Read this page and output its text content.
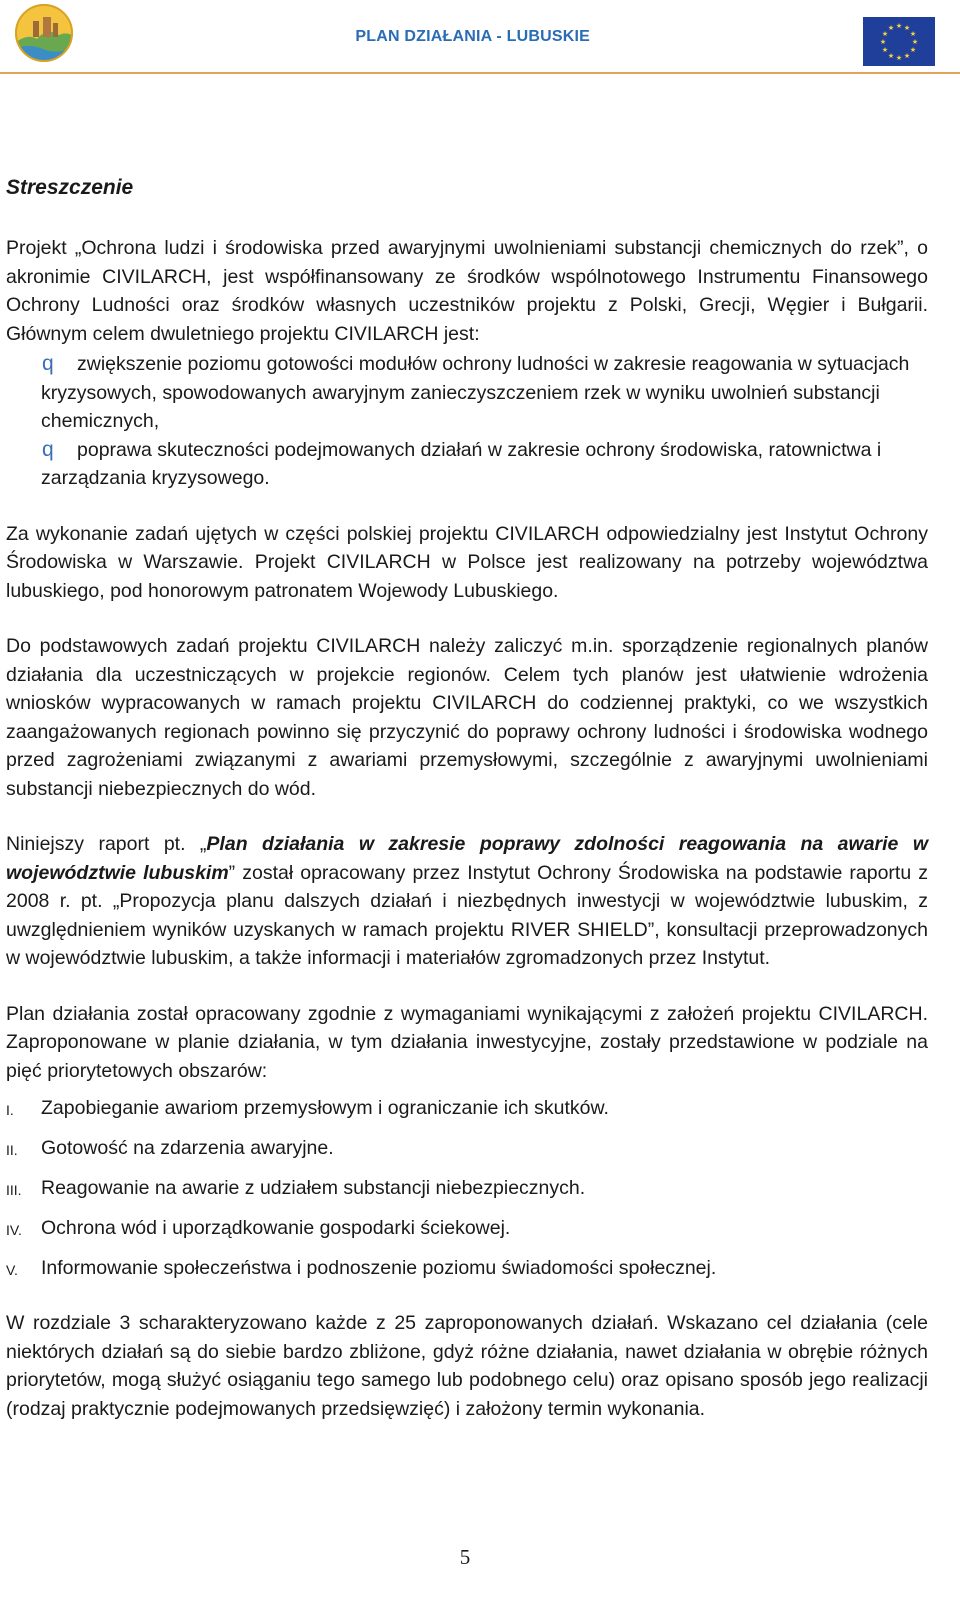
PLAN DZIAŁANIA - LUBUSKIE
★ ★
★
★
★
★
★
★
★
★
★
★
Streszczenie

Projekt „Ochrona ludzi i środowiska przed awaryjnymi uwolnieniami substancji chemicznych do rzek”, o akronimie CIVILARCH, jest współfinansowany ze środków wspólnotowego Instrumentu Finansowego Ochrony Ludności oraz środków własnych uczestników projektu z Polski, Grecji, Węgier i Bułgarii. Głównym celem dwuletniego projektu CIVILARCH jest:

q	zwiększenie poziomu gotowości modułów ochrony ludności w zakresie reagowania w sytuacjach kryzysowych, spowodowanych awaryjnym zanieczyszczeniem rzek w wyniku uwolnień substancji chemicznych,
q	poprawa skuteczności podejmowanych działań w zakresie ochrony środowiska, ratownictwa i zarządzania kryzysowego.

Za wykonanie zadań ujętych w części polskiej projektu CIVILARCH odpowiedzialny jest Instytut Ochrony Środowiska w Warszawie. Projekt CIVILARCH w Polsce jest realizowany na potrzeby województwa lubuskiego, pod honorowym patronatem Wojewody Lubuskiego.

Do podstawowych zadań projektu CIVILARCH należy zaliczyć m.in. sporządzenie regionalnych planów działania dla uczestniczących w projekcie regionów. Celem tych planów jest ułatwienie wdrożenia wniosków wypracowanych w ramach projektu CIVILARCH do codziennej praktyki, co we wszystkich zaangażowanych regionach powinno się przyczynić do poprawy ochrony ludności i środowiska wodnego przed zagrożeniami związanymi z awariami przemysłowymi, szczególnie z awaryjnymi uwolnieniami substancji niebezpiecznych do wód.

Niniejszy raport pt. „Plan działania w zakresie poprawy zdolności reagowania na awarie w województwie lubuskim” został opracowany przez Instytut Ochrony Środowiska na podstawie raportu z 2008 r. pt. „Propozycja planu dalszych działań i niezbędnych inwestycji w województwie lubuskim, z uwzględnieniem wyników uzyskanych w ramach projektu RIVER SHIELD”, konsultacji przeprowadzonych w województwie lubuskim, a także informacji i materiałów zgromadzonych przez Instytut.

Plan działania został opracowany zgodnie z wymaganiami wynikającymi z założeń projektu CIVILARCH. Zaproponowane w planie działania, w tym działania inwestycyjne, zostały przedstawione w podziale na pięć priorytetowych obszarów:

I. Zapobieganie awariom przemysłowym i ograniczanie ich skutków.
II. Gotowość na zdarzenia awaryjne.
III. Reagowanie na awarie z udziałem substancji niebezpiecznych.
IV. Ochrona wód i uporządkowanie gospodarki ściekowej.
V. Informowanie społeczeństwa i podnoszenie poziomu świadomości społecznej.

W rozdziale 3 scharakteryzowano każde z 25 zaproponowanych działań. Wskazano cel działania (cele niektórych działań są do siebie bardzo zbliżone, gdyż różne działania, nawet działania w obrębie różnych priorytetów, mogą służyć osiąganiu tego samego lub podobnego celu) oraz opisano sposób jego realizacji (rodzaj praktycznie podejmowanych przedsięwzięć) i założony termin wykonania.

5
